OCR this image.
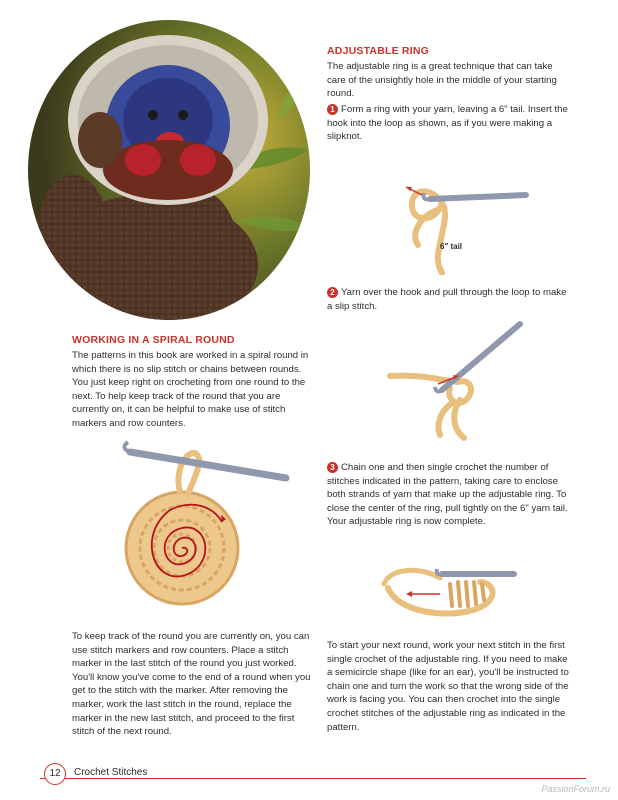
ADJUSTABLE RING
The adjustable ring is a great technique that can take care of the unsightly hole in the middle of your starting round.
1 Form a ring with your yarn, leaving a 6" tail. Insert the hook into the loop as shown, as if you were making a slipknot.
6" tail
2 Yarn over the hook and pull through the loop to make a slip stitch.
3 Chain one and then single crochet the number of stitches indicated in the pattern, taking care to enclose both strands of yarn that make up the adjustable ring. To close the center of the ring, pull tightly on the 6" yarn tail. Your adjustable ring is now complete.
To start your next round, work your next stitch in the first single crochet of the adjustable ring. If you need to make a semicircle shape (like for an ear), you'll be instructed to chain one and turn the work so that the wrong side of the work is facing you. You can then crochet into the single crochet stitches of the adjustable ring as indicated in the pattern.
WORKING IN A SPIRAL ROUND
The patterns in this book are worked in a spiral round in which there is no slip stitch or chains between rounds. You just keep right on crocheting from one round to the next. To help keep track of the round that you are currently on, it can be helpful to make use of stitch markers and row counters.
To keep track of the round you are currently on, you can use stitch markers and row counters. Place a stitch marker in the last stitch of the round you just worked. You'll know you've come to the end of a round when you get to the stitch with the marker. After removing the marker, work the last stitch in the round, replace the marker in the new last stitch, and proceed to the first stitch of the next round.
12	Crochet Stitches
PassionForum.ru
